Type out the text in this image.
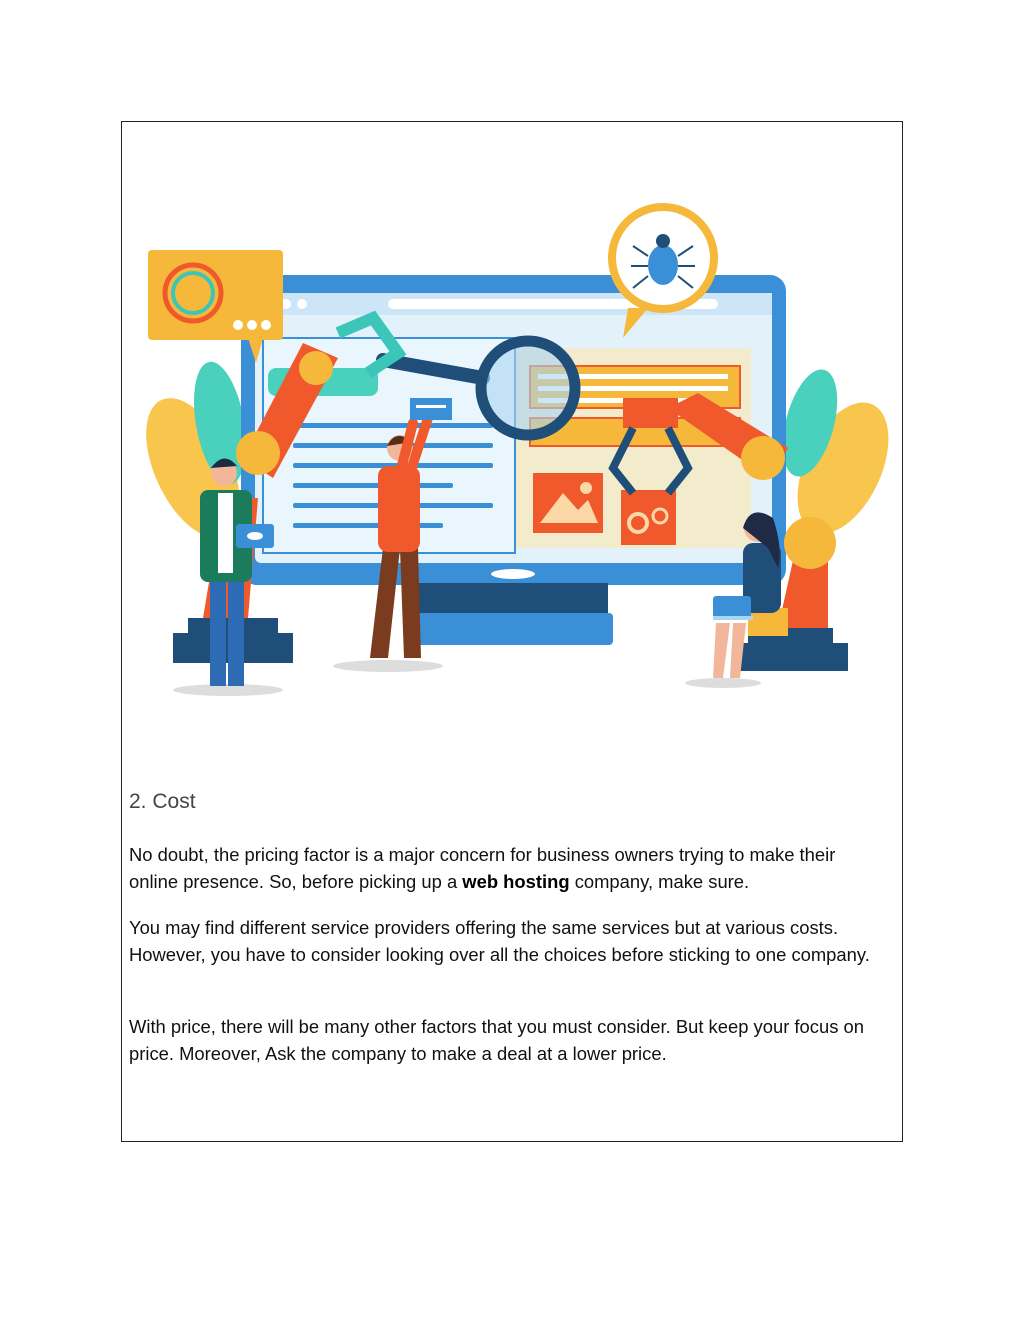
2. Cost

No doubt, the pricing factor is a major concern for business owners trying to make their online presence. So, before picking up a web hosting company, make sure.

You may find different service providers offering the same services but at various costs. However, you have to consider looking over all the choices before sticking to one company.

With price, there will be many other factors that you must consider. But keep your focus on price. Moreover, Ask the company to make a deal at a lower price.
